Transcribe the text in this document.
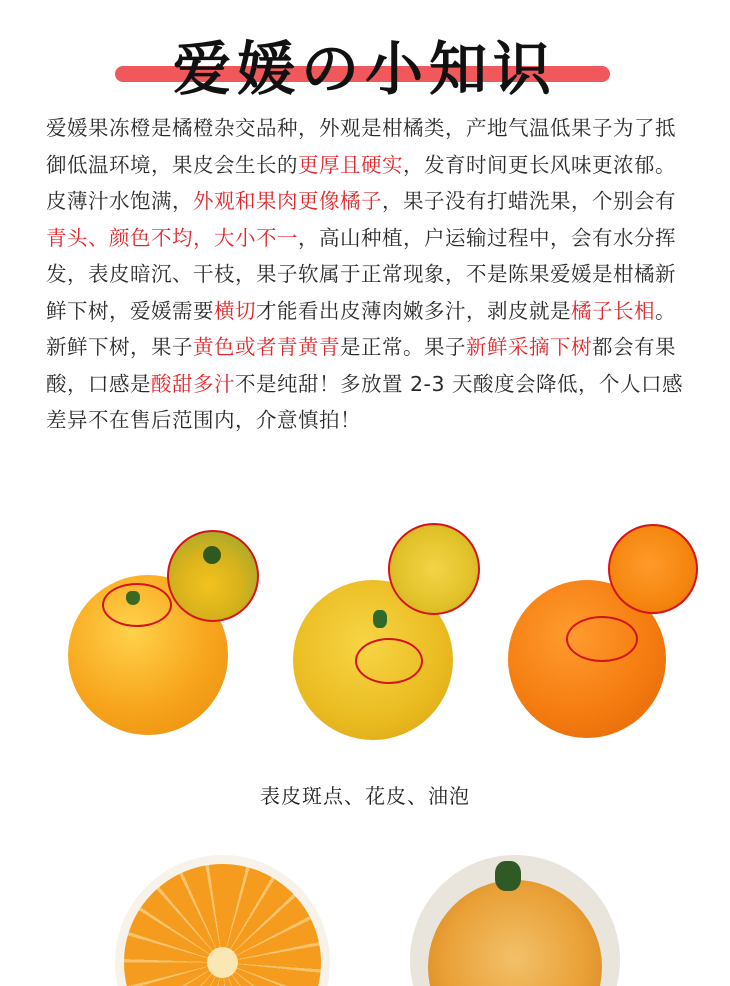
爱媛の小知识

爱媛果冻橙是橘橙杂交品种，外观是柑橘类，产地气温低果子为了抵御低温环境，果皮会生长的更厚且硬实，发育时间更长风味更浓郁。

皮薄汁水饱满，外观和果肉更像橘子，果子没有打蜡洗果，个别会有青头、颜色不均，大小不一，高山种植，户运输过程中，会有水分挥发，表皮暗沉、干枝，果子软属于正常现象，不是陈果爱媛是柑橘新鲜下树，爱媛需要横切才能看出皮薄肉嫩多汁，剥皮就是橘子长相。新鲜下树，果子黄色或者青黄青是正常。果子新鲜采摘下树都会有果酸，口感是酸甜多汁不是纯甜！多放置 2-3 天酸度会降低，个人口感差异不在售后范围内，介意慎拍！

表皮斑点、花皮、油泡
